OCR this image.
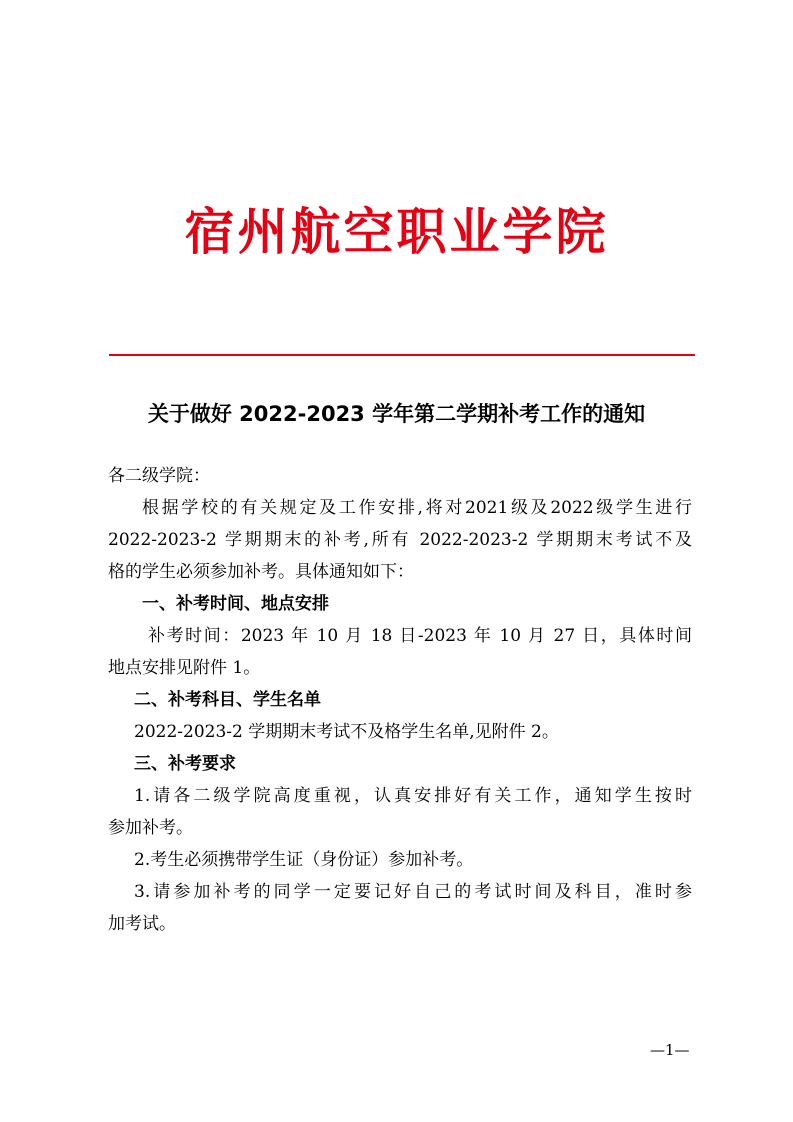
宿州航空职业学院
关于做好 2022-2023 学年第二学期补考工作的通知
各二级学院：
根据学校的有关规定及工作安排,将对2021级及2022级学生进行
2022-2023-2 学期期末的补考,所有 2022-2023-2 学期期末考试不及
格的学生必须参加补考。具体通知如下：
一、补考时间、地点安排
补考时间：2023 年 10 月 18 日-2023 年 10 月 27 日，具体时间
地点安排见附件 1。
二、补考科目、学生名单
2022-2023-2 学期期末考试不及格学生名单,见附件 2。
三、补考要求
1.请各二级学院高度重视，认真安排好有关工作，通知学生按时
参加补考。
2.考生必须携带学生证（身份证）参加补考。
3.请参加补考的同学一定要记好自己的考试时间及科目，准时参
加考试。
—1—
